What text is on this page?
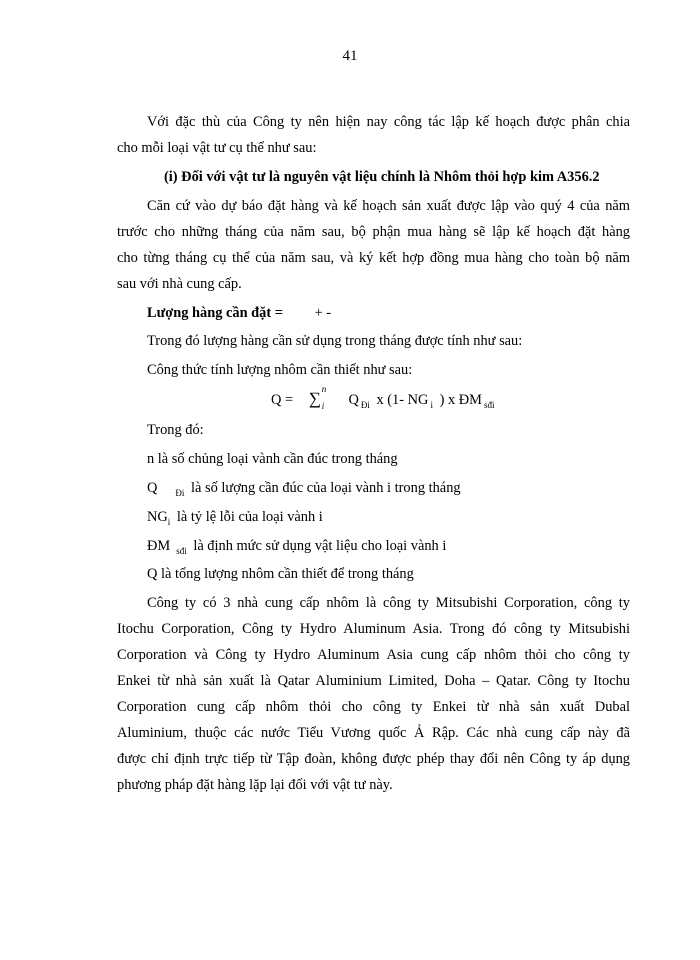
41
Với đặc thù của Công ty nên hiện nay công tác lập kế hoạch được phân chia
cho mỗi loại vật tư cụ thể như sau:
(i) Đối với vật tư là nguyên vật liệu chính là Nhôm thỏi hợp kim A356.2
Căn cứ vào dự báo đặt hàng và kế hoạch sản xuất được lập vào quý 4 của năm
trước cho những tháng của năm sau, bộ phận mua hàng sẽ lập kế hoạch đặt hàng
cho từng tháng cụ thể của năm sau, và ký kết hợp đồng mua hàng cho toàn bộ năm
sau với nhà cung cấp.
Lượng hàng cần đặt = + -
Trong đó lượng hàng cần sử dụng trong tháng được tính như sau:
Công thức tính lượng nhôm cần thiết như sau:
Q = ∑ n
i Q $_{Đi}$ x (1- NG $_i$ ) x ĐM $_{sđi}$
Trong đó:
n là số chủng loại vành cần đúc trong tháng
Q $_{Đi}$ là số lượng cần đúc của loại vành i trong tháng
$NG_i$ là tỷ lệ lỗi của loại vành i
ĐM $_{sđi}$ là định mức sử dụng vật liệu cho loại vành i
Q là tổng lượng nhôm cần thiết để trong tháng
Công ty có 3 nhà cung cấp nhôm là công ty Mitsubishi Corporation, công ty
Itochu Corporation, Công ty Hydro Aluminum Asia. Trong đó công ty Mitsubishi
Corporation và Công ty Hydro Aluminum Asia cung cấp nhôm thỏi cho công ty
Enkei từ nhà sản xuất là Qatar Aluminium Limited, Doha – Qatar. Công ty Itochu
Corporation cung cấp nhôm thỏi cho công ty Enkei từ nhà sản xuất Dubal
Aluminium, thuộc các nước Tiểu Vương quốc Ả Rập. Các nhà cung cấp này đã
được chỉ định trực tiếp từ Tập đoàn, không được phép thay đổi nên Công ty áp dụng
phương pháp đặt hàng lặp lại đối với vật tư này.
